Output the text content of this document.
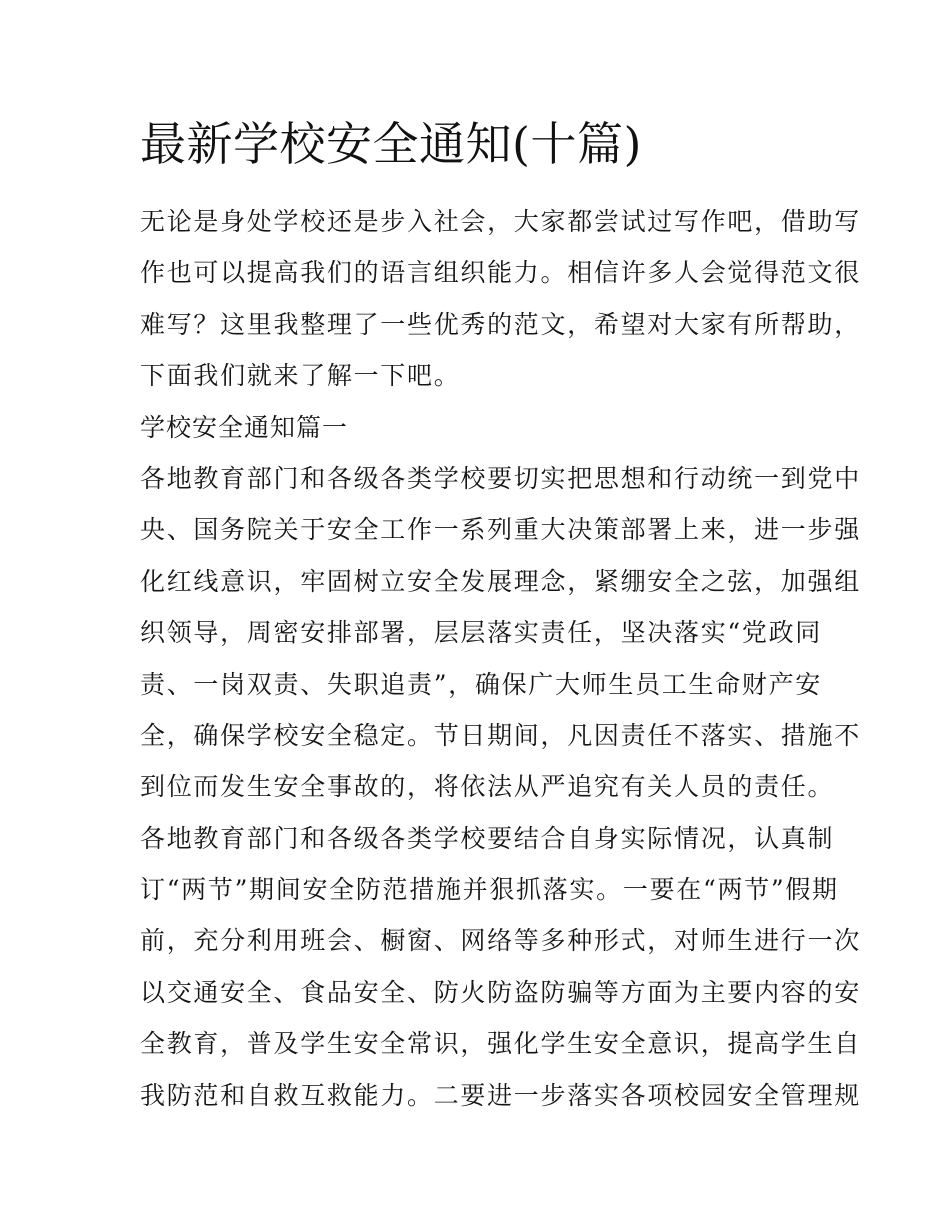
最新学校安全通知(十篇)
无论是身处学校还是步入社会，大家都尝试过写作吧，借助写
作也可以提高我们的语言组织能力。相信许多人会觉得范文很
难写？这里我整理了一些优秀的范文，希望对大家有所帮助，
下面我们就来了解一下吧。
学校安全通知篇一
各地教育部门和各级各类学校要切实把思想和行动统一到党中
央、国务院关于安全工作一系列重大决策部署上来，进一步强
化红线意识，牢固树立安全发展理念，紧绷安全之弦，加强组
织领导，周密安排部署，层层落实责任，坚决落实“党政同
责、一岗双责、失职追责”，确保广大师生员工生命财产安
全，确保学校安全稳定。节日期间，凡因责任不落实、措施不
到位而发生安全事故的，将依法从严追究有关人员的责任。
各地教育部门和各级各类学校要结合自身实际情况，认真制
订“两节”期间安全防范措施并狠抓落实。一要在“两节”假期
前，充分利用班会、橱窗、网络等多种形式，对师生进行一次
以交通安全、食品安全、防火防盗防骗等方面为主要内容的安
全教育，普及学生安全常识，强化学生安全意识，提高学生自
我防范和自救互救能力。二要进一步落实各项校园安全管理规
